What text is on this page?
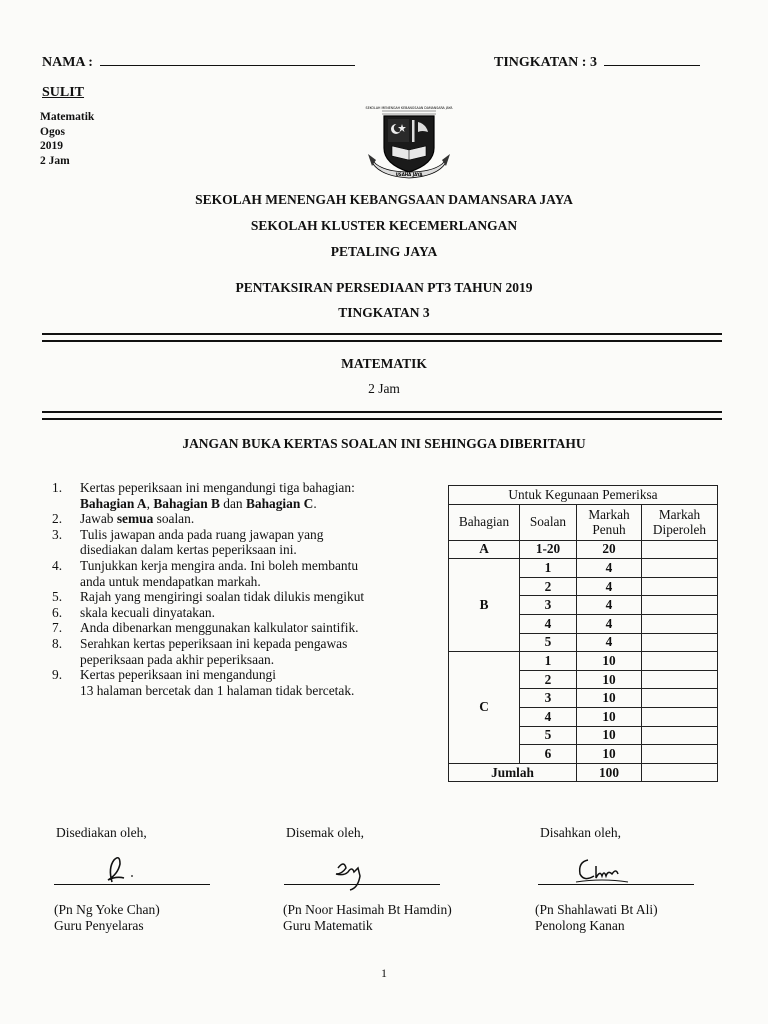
NAMA :	TINGKATAN : 3
SULIT
Matematik
Ogos
2019
2 Jam
SEKOLAH MENENGAH KEBANGSAAN DAMANSARA JAYA
USAHA JAYA
SEKOLAH MENENGAH KEBANGSAAN DAMANSARA JAYA
SEKOLAH KLUSTER KECEMERLANGAN
PETALING JAYA
PENTAKSIRAN PERSEDIAAN PT3 TAHUN 2019
TINGKATAN 3
MATEMATIK
2 Jam
JANGAN BUKA KERTAS SOALAN INI SEHINGGA DIBERITAHU
1.	Kertas peperiksaan ini mengandungi tiga bahagian:
Bahagian A, Bahagian B dan Bahagian C.
2.	Jawab semua soalan.
3.	Tulis jawapan anda pada ruang jawapan yang
disediakan dalam kertas peperiksaan ini.
4.	Tunjukkan kerja mengira anda. Ini boleh membantu
anda untuk mendapatkan markah.
5.	Rajah yang mengiringi soalan tidak dilukis mengikut
6.	skala kecuali dinyatakan.
7.	Anda dibenarkan menggunakan kalkulator saintifik.
8.	Serahkan kertas peperiksaan ini kepada pengawas
peperiksaan pada akhir peperiksaan.
9.	Kertas peperiksaan ini mengandungi
13 halaman bercetak dan 1 halaman tidak bercetak.
Untuk Kegunaan Pemeriksa			
Bahagian	Soalan	Markah Penuh	Markah Diperoleh
A	1-20	20	
B	1	4	
	2	4	
	3	4	
	4	4	
	5	4	
C	1	10	
	2	10	
	3	10	
	4	10	
	5	10	
	6	10	
Jumlah		100	
Disediakan oleh,	Disemak oleh,	Disahkan oleh,
(Pn Ng Yoke Chan)
Guru Penyelaras
(Pn Noor Hasimah Bt Hamdin)
Guru Matematik
(Pn Shahlawati Bt Ali)
Penolong Kanan
1
